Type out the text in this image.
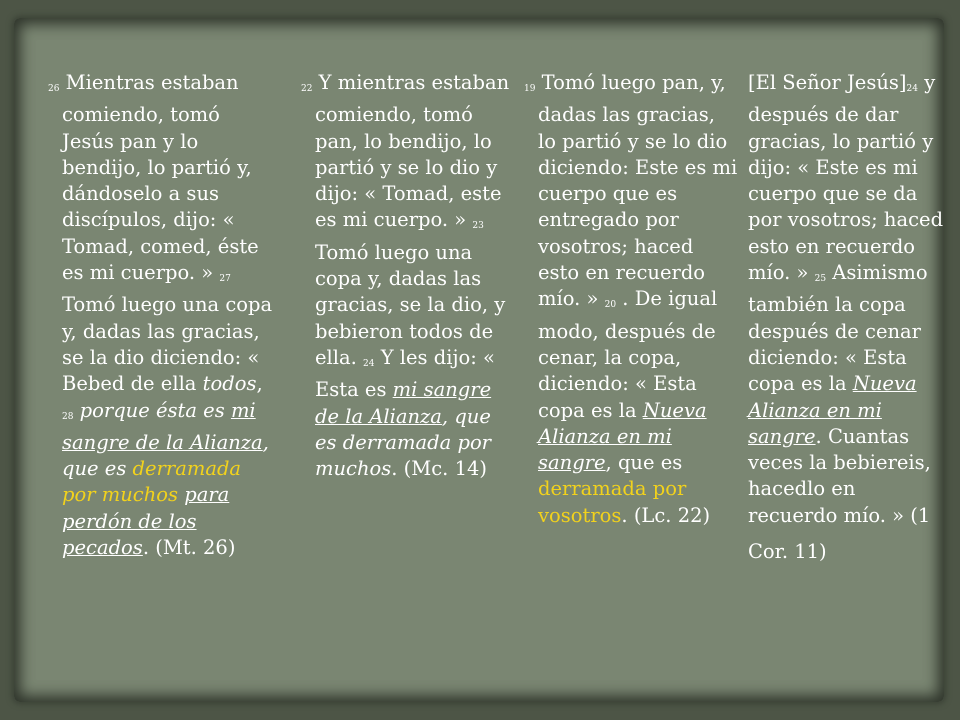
26 Mientras estaban comiendo, tomó Jesús pan y lo bendijo, lo partió y, dándoselo a sus discípulos, dijo: « Tomad, comed, éste es mi cuerpo. » 27 Tomó luego una copa y, dadas las gracias, se la dio diciendo: « Bebed de ella todos, 28 porque ésta es mi sangre de la Alianza, que es derramada por muchos para perdón de los pecados. (Mt. 26)
22 Y mientras estaban comiendo, tomó pan, lo bendijo, lo partió y se lo dio y dijo: « Tomad, este es mi cuerpo. » 23 Tomó luego una copa y, dadas las gracias, se la dio, y bebieron todos de ella. 24 Y les dijo: « Esta es mi sangre de la Alianza, que es derramada por muchos. (Mc. 14)
19 Tomó luego pan, y, dadas las gracias, lo partió y se lo dio diciendo: Este es mi cuerpo que es entregado por vosotros; haced esto en recuerdo mío. » 20 . De igual modo, después de cenar, la copa, diciendo: « Esta copa es la Nueva Alianza en mi sangre, que es derramada por vosotros. (Lc. 22)
[El Señor Jesús]24 y después de dar gracias, lo partió y dijo: « Este es mi cuerpo que se da por vosotros; haced esto en recuerdo mío. » 25 Asimismo también la copa después de cenar diciendo: « Esta copa es la Nueva Alianza en mi sangre. Cuantas veces la bebiereis, hacedlo en recuerdo mío. » (1
Cor. 11)
